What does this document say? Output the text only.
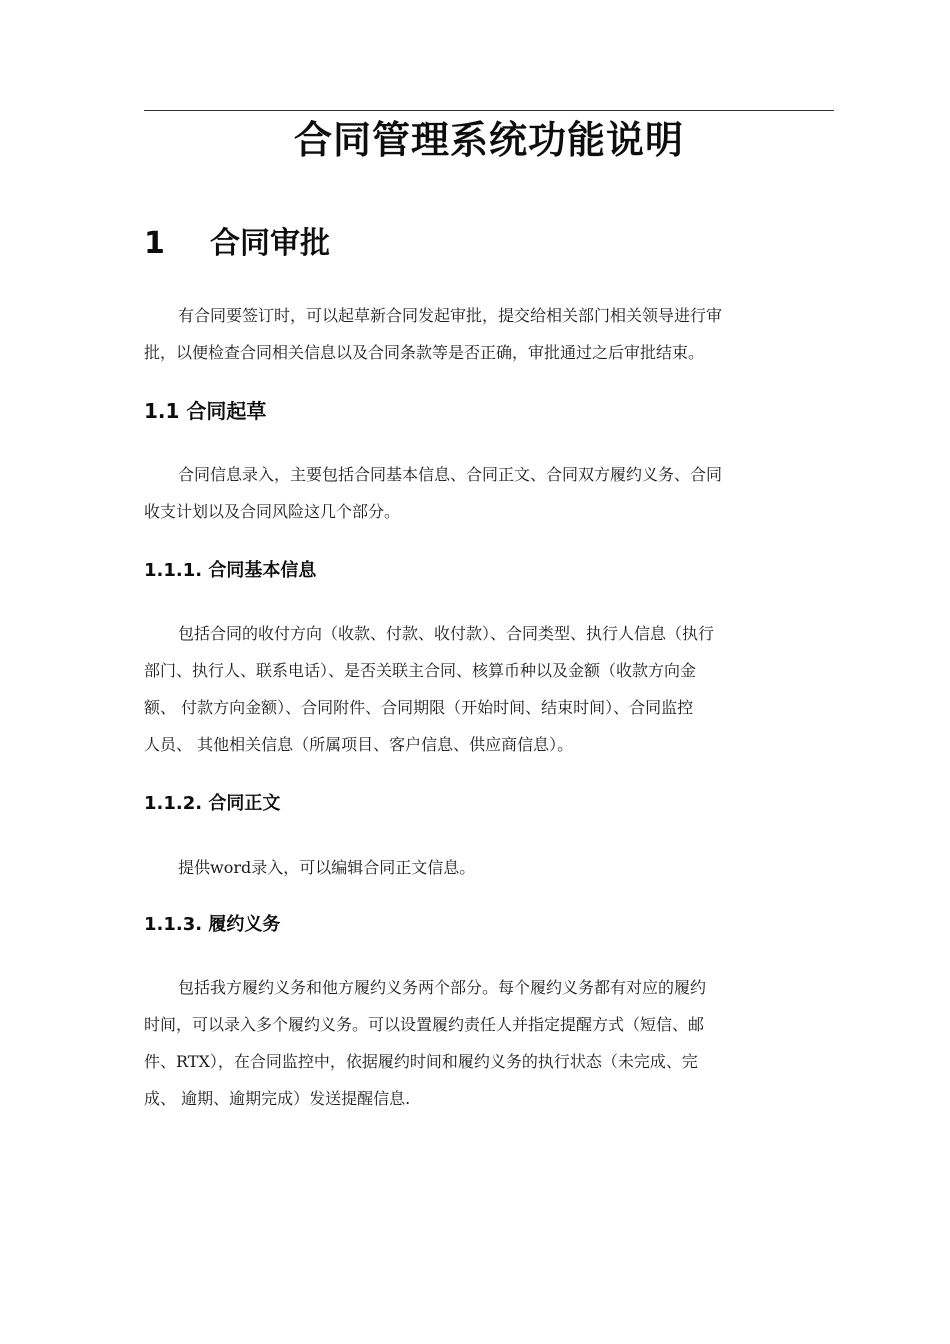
合同管理系统功能说明
1 合同审批
有合同要签订时，可以起草新合同发起审批，提交给相关部门相关领导进行审
批，以便检查合同相关信息以及合同条款等是否正确，审批通过之后审批结束。
1.1 合同起草
合同信息录入，主要包括合同基本信息、合同正文、合同双方履约义务、合同
收支计划以及合同风险这几个部分。
1.1.1. 合同基本信息
包括合同的收付方向（收款、付款、收付款）、合同类型、执行人信息（执行
部门、执行人、联系电话）、是否关联主合同、核算币种以及金额（收款方向金
额、 付款方向金额）、合同附件、合同期限（开始时间、结束时间）、合同监控
人员、 其他相关信息（所属项目、客户信息、供应商信息）。
1.1.2. 合同正文
提供word录入，可以编辑合同正文信息。
1.1.3. 履约义务
包括我方履约义务和他方履约义务两个部分。每个履约义务都有对应的履约
时间，可以录入多个履约义务。可以设置履约责任人并指定提醒方式（短信、邮
件、RTX），在合同监控中，依据履约时间和履约义务的执行状态（未完成、完
成、 逾期、逾期完成）发送提醒信息.
